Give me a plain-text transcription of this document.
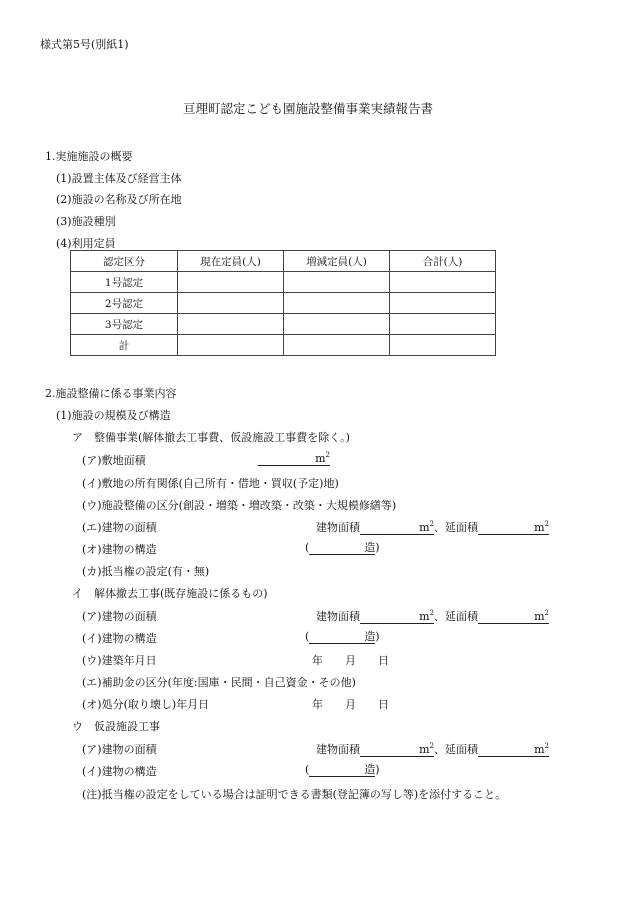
様式第5号(別紙1)
亘理町認定こども園施設整備事業実績報告書
1.実施施設の概要
(1)設置主体及び経営主体
(2)施設の名称及び所在地
(3)施設種別
(4)利用定員
認定区分	現在定員(人)	増減定員(人)	合計(人)
1号認定			
2号認定			
3号認定			
計			
2.施設整備に係る事業内容
(1)施設の規模及び構造
ア　整備事業(解体撤去工事費、仮設施設工事費を除く。)
(ア)敷地面積	$m^2$
(イ)敷地の所有関係(自己所有・借地・買収(予定)地)
(ウ)施設整備の区分(創設・増築・増改築・改築・大規模修繕等)
(エ)建物の面積	建物面積	$m^2$、延面積	$m^2$
(オ)建物の構造	(	造)
(カ)抵当権の設定(有・無)
イ　解体撤去工事(既存施設に係るもの)
(ア)建物の面積	建物面積	$m^2$、延面積	$m^2$
(イ)建物の構造	(	造)
(ウ)建築年月日	年 月 日
(エ)補助金の区分(年度:国庫・民間・自己資金・その他)
(オ)処分(取り壊し)年月日	年 月 日
ウ　仮設施設工事
(ア)建物の面積	建物面積	$m^2$、延面積	$m^2$
(イ)建物の構造	(	造)
(注)抵当権の設定をしている場合は証明できる書類(登記簿の写し等)を添付すること。
